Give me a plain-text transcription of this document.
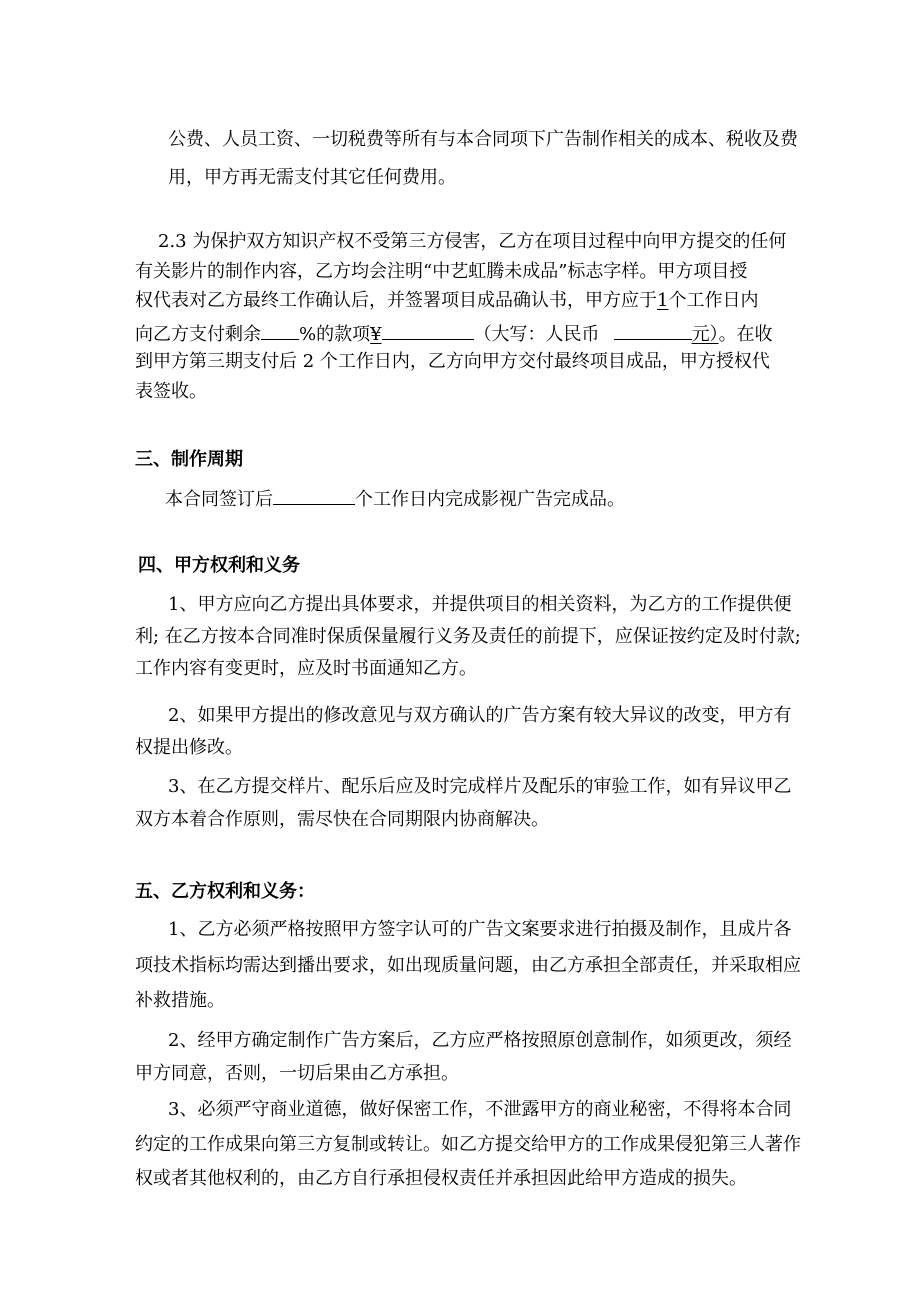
公费、人员工资、一切税费等所有与本合同项下广告制作相关的成本、税收及费
用，甲方再无需支付其它任何费用。
2.3 为保护双方知识产权不受第三方侵害，乙方在项目过程中向甲方提交的任何
有关影片的制作内容，乙方均会注明“中艺虹腾未成品”标志字样。甲方项目授
权代表对乙方最终工作确认后，并签署项目成品确认书，甲方应于1个工作日内
向乙方支付剩余 %的款项¥	（大写：人民币	元）。在收
到甲方第三期支付后 2 个工作日内，乙方向甲方交付最终项目成品，甲方授权代
表签收。
三、制作周期
本合同签订后	个工作日内完成影视广告完成品。
四、甲方权利和义务
1、甲方应向乙方提出具体要求，并提供项目的相关资料，为乙方的工作提供便
利; 在乙方按本合同准时保质保量履行义务及责任的前提下，应保证按约定及时付款;
工作内容有变更时，应及时书面通知乙方。
2、如果甲方提出的修改意见与双方确认的广告方案有较大异议的改变，甲方有
权提出修改。
3、在乙方提交样片、配乐后应及时完成样片及配乐的审验工作，如有异议甲乙
双方本着合作原则，需尽快在合同期限内协商解决。
五、乙方权利和义务：
1、乙方必须严格按照甲方签字认可的广告文案要求进行拍摄及制作，且成片各
项技术指标均需达到播出要求，如出现质量问题，由乙方承担全部责任，并采取相应
补救措施。
2、经甲方确定制作广告方案后，乙方应严格按照原创意制作，如须更改，须经
甲方同意，否则，一切后果由乙方承担。
3、必须严守商业道德，做好保密工作，不泄露甲方的商业秘密，不得将本合同
约定的工作成果向第三方复制或转让。如乙方提交给甲方的工作成果侵犯第三人著作
权或者其他权利的，由乙方自行承担侵权责任并承担因此给甲方造成的损失。
